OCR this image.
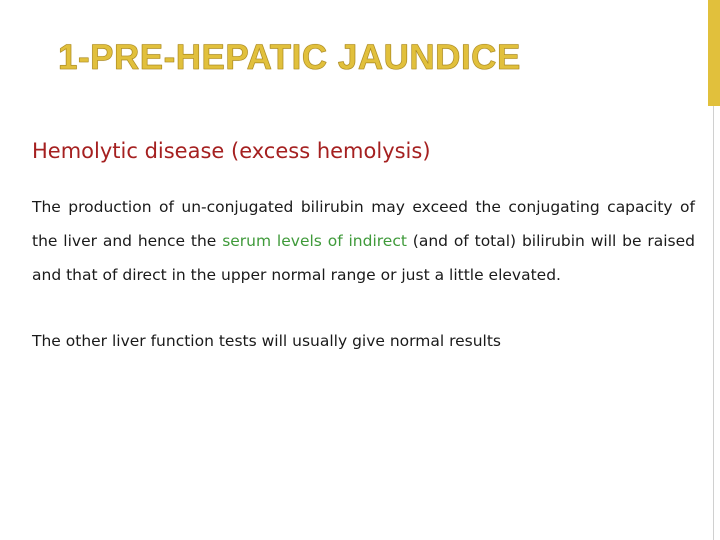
1-PRE-HEPATIC JAUNDICE
Hemolytic disease (excess hemolysis)

The production of un-conjugated bilirubin may exceed the conjugating capacity of the liver and hence the serum levels of indirect (and of total) bilirubin will be raised and that of direct in the upper normal range or just a little elevated.

The other liver function tests will usually give normal results
